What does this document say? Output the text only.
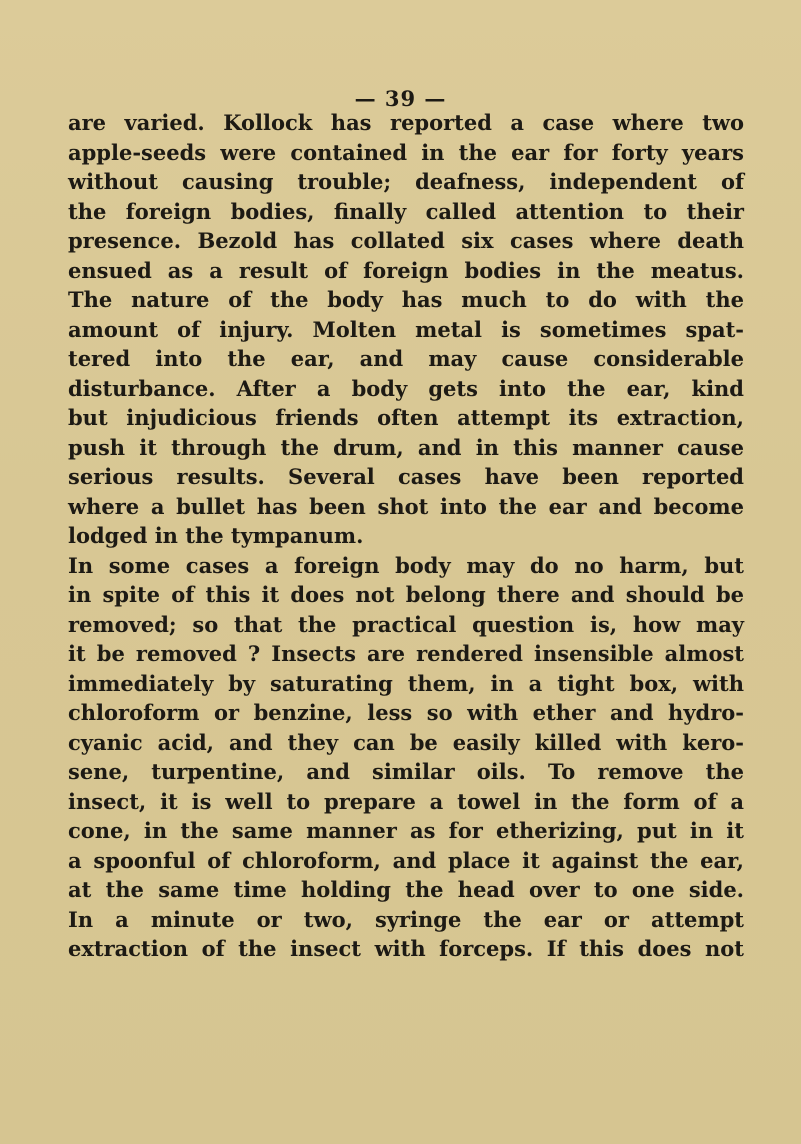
— 39 —
are varied. Kollock has reported a case where two
apple-seeds were contained in the ear for forty years
without causing trouble; deafness, independent of
the foreign bodies, finally called attention to their
presence. Bezold has collated six cases where death
ensued as a result of foreign bodies in the meatus.
The nature of the body has much to do with the
amount of injury. Molten metal is sometimes spat-
tered into the ear, and may cause considerable
disturbance. After a body gets into the ear, kind
but injudicious friends often attempt its extraction,
push it through the drum, and in this manner cause
serious results. Several cases have been reported
where a bullet has been shot into the ear and become
lodged in the tympanum.
In some cases a foreign body may do no harm, but
in spite of this it does not belong there and should be
removed; so that the practical question is, how may
it be removed ? Insects are rendered insensible almost
immediately by saturating them, in a tight box, with
chloroform or benzine, less so with ether and hydro-
cyanic acid, and they can be easily killed with kero-
sene, turpentine, and similar oils. To remove the
insect, it is well to prepare a towel in the form of a
cone, in the same manner as for etherizing, put in it
a spoonful of chloroform, and place it against the ear,
at the same time holding the head over to one side.
In a minute or two, syringe the ear or attempt
extraction of the insect with forceps. If this does not
